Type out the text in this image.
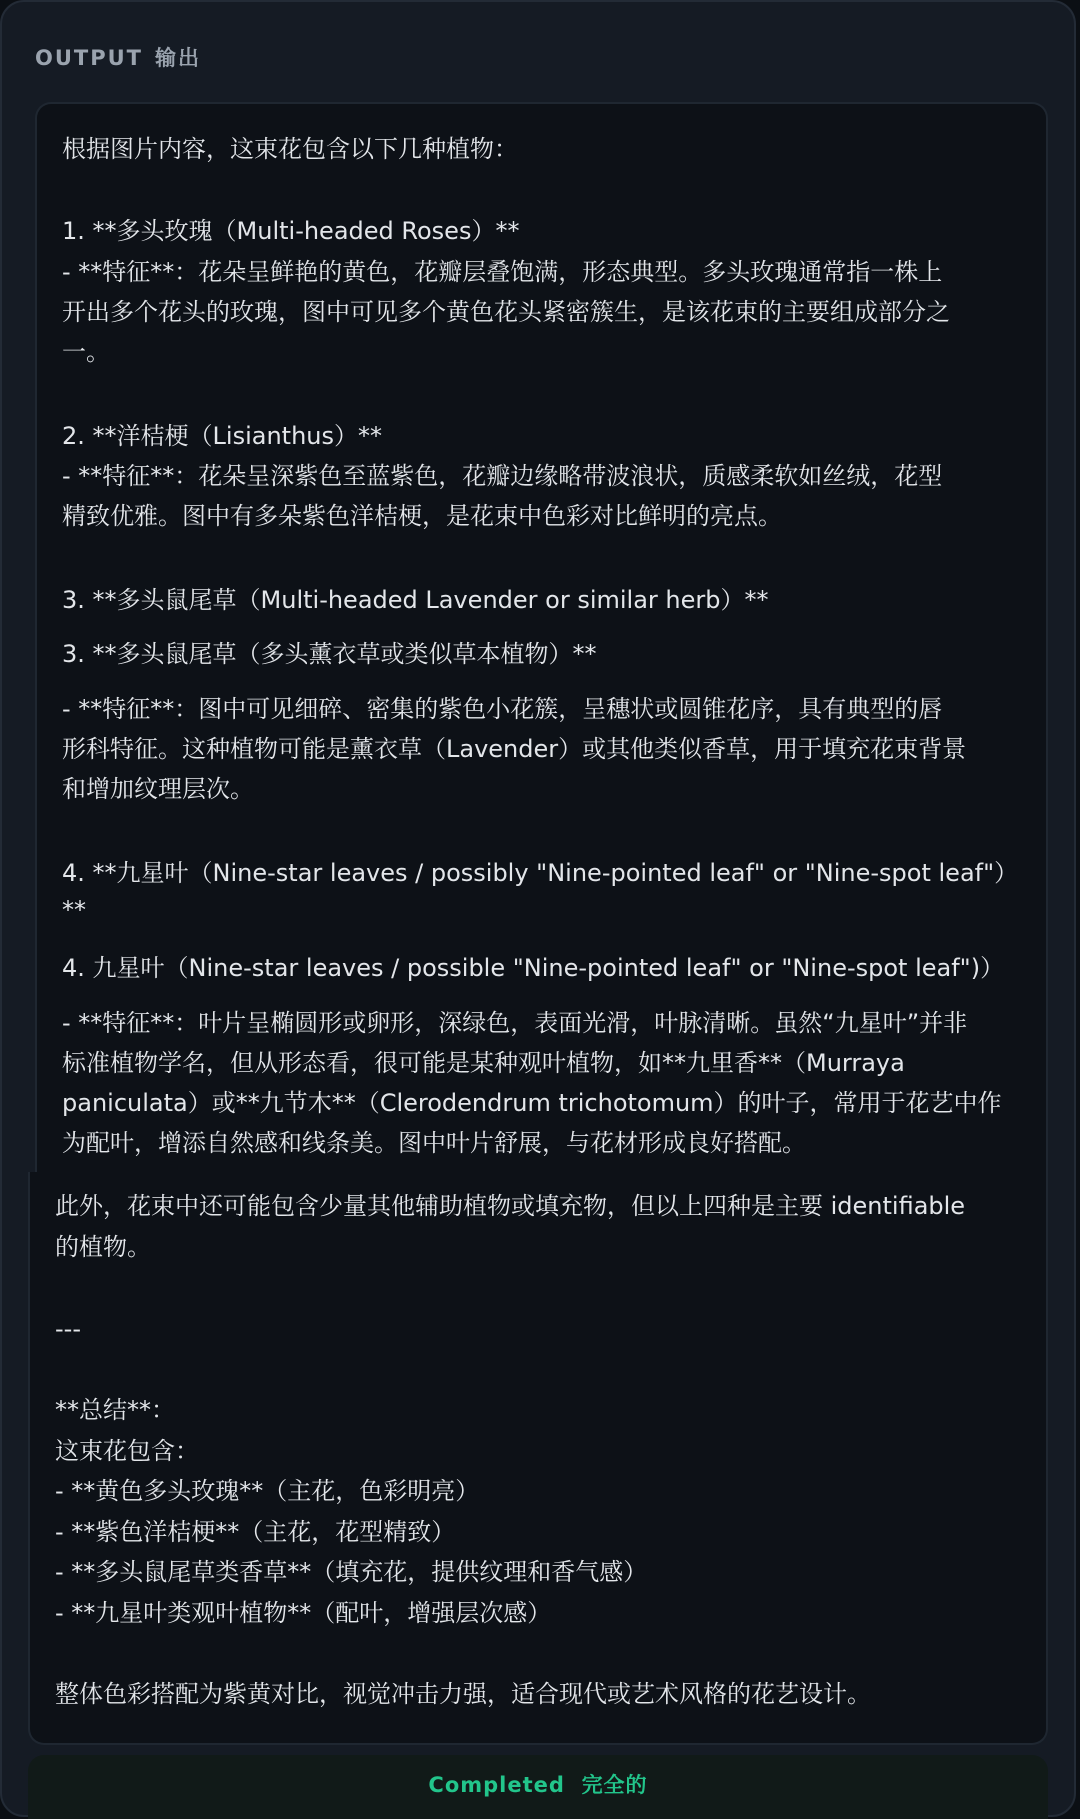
OUTPUT 输出
根据图片内容，这束花包含以下几种植物：
1. **多头玫瑰（Multi-headed Roses）**
- **特征**：花朵呈鲜艳的黄色，花瓣层叠饱满，形态典型。多头玫瑰通常指一株上
开出多个花头的玫瑰，图中可见多个黄色花头紧密簇生，是该花束的主要组成部分之
一。
2. **洋桔梗（Lisianthus）**
- **特征**：花朵呈深紫色至蓝紫色，花瓣边缘略带波浪状，质感柔软如丝绒，花型
精致优雅。图中有多朵紫色洋桔梗，是花束中色彩对比鲜明的亮点。
3. **多头鼠尾草（Multi-headed Lavender or similar herb）**
3. **多头鼠尾草（多头薰衣草或类似草本植物）**
- **特征**：图中可见细碎、密集的紫色小花簇，呈穗状或圆锥花序，具有典型的唇
形科特征。这种植物可能是薰衣草（Lavender）或其他类似香草，用于填充花束背景
和增加纹理层次。
4. **九星叶（Nine-star leaves / possibly "Nine-pointed leaf" or "Nine-spot leaf"）
**
4. 九星叶（Nine-star leaves / possible "Nine-pointed leaf" or "Nine-spot leaf")）
- **特征**：叶片呈椭圆形或卵形，深绿色，表面光滑，叶脉清晰。虽然“九星叶”并非
标准植物学名，但从形态看，很可能是某种观叶植物，如**九里香**（Murraya
paniculata）或**九节木**（Clerodendrum trichotomum）的叶子，常用于花艺中作
为配叶，增添自然感和线条美。图中叶片舒展，与花材形成良好搭配。
此外，花束中还可能包含少量其他辅助植物或填充物，但以上四种是主要 identifiable
的植物。
---
**总结**：
这束花包含：
- **黄色多头玫瑰**（主花，色彩明亮）
- **紫色洋桔梗**（主花，花型精致）
- **多头鼠尾草类香草**（填充花，提供纹理和香气感）
- **九星叶类观叶植物**（配叶，增强层次感）
整体色彩搭配为紫黄对比，视觉冲击力强，适合现代或艺术风格的花艺设计。
Completed 完全的
